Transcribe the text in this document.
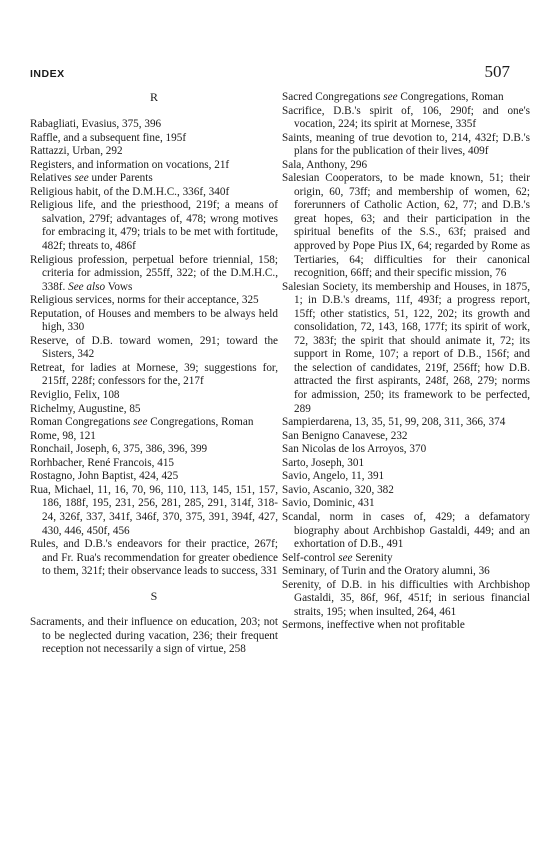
INDEX	507
R
Rabagliati, Evasius, 375, 396
Raffle, and a subsequent fine, 195f
Rattazzi, Urban, 292
Registers, and information on vocations, 21f
Relatives see under Parents
Religious habit, of the D.M.H.C., 336f, 340f
Religious life, and the priesthood, 219f; a means of salvation, 279f; advantages of, 478; wrong motives for embracing it, 479; trials to be met with fortitude, 482f; threats to, 486f
Religious profession, perpetual before triennial, 158; criteria for admission, 255ff, 322; of the D.M.H.C., 338f. See also Vows
Religious services, norms for their acceptance, 325
Reputation, of Houses and members to be always held high, 330
Reserve, of D.B. toward women, 291; toward the Sisters, 342
Retreat, for ladies at Mornese, 39; suggestions for, 215ff, 228f; confessors for the, 217f
Reviglio, Felix, 108
Richelmy, Augustine, 85
Roman Congregations see Congregations, Roman
Rome, 98, 121
Ronchail, Joseph, 6, 375, 386, 396, 399
Rorhbacher, René Francois, 415
Rostagno, John Baptist, 424, 425
Rua, Michael, 11, 16, 70, 96, 110, 113, 145, 151, 157, 186, 188f, 195, 231, 256, 281, 285, 291, 314f, 318-24, 326f, 337, 341f, 346f, 370, 375, 391, 394f, 427, 430, 446, 450f, 456
Rules, and D.B.'s endeavors for their practice, 267f; and Fr. Rua's recommendation for greater obedience to them, 321f; their observance leads to success, 331
S
Sacraments, and their influence on education, 203; not to be neglected during vacation, 236; their frequent reception not necessarily a sign of virtue, 258
Sacred Congregations see Congregations, Roman
Sacrifice, D.B.'s spirit of, 106, 290f; and one's vocation, 224; its spirit at Mornese, 335f
Saints, meaning of true devotion to, 214, 432f; D.B.'s plans for the publication of their lives, 409f
Sala, Anthony, 296
Salesian Cooperators, to be made known, 51; their origin, 60, 73ff; and membership of women, 62; forerunners of Catholic Action, 62, 77; and D.B.'s great hopes, 63; and their participation in the spiritual benefits of the S.S., 63f; praised and approved by Pope Pius IX, 64; regarded by Rome as Tertiaries, 64; difficulties for their canonical recognition, 66ff; and their specific mission, 76
Salesian Society, its membership and Houses, in 1875, 1; in D.B.'s dreams, 11f, 493f; a progress report, 15ff; other statistics, 51, 122, 202; its growth and consolidation, 72, 143, 168, 177f; its spirit of work, 72, 383f; the spirit that should animate it, 72; its support in Rome, 107; a report of D.B., 156f; and the selection of candidates, 219f, 256ff; how D.B. attracted the first aspirants, 248f, 268, 279; norms for admission, 250; its framework to be perfected, 289
Sampierdarena, 13, 35, 51, 99, 208, 311, 366, 374
San Benigno Canavese, 232
San Nicolas de los Arroyos, 370
Sarto, Joseph, 301
Savio, Angelo, 11, 391
Savio, Ascanio, 320, 382
Savio, Dominic, 431
Scandal, norm in cases of, 429; a defamatory biography about Archbishop Gastaldi, 449; and an exhortation of D.B., 491
Self-control see Serenity
Seminary, of Turin and the Oratory alumni, 36
Serenity, of D.B. in his difficulties with Archbishop Gastaldi, 35, 86f, 96f, 451f; in serious financial straits, 195; when insulted, 264, 461
Sermons, ineffective when not profitable
